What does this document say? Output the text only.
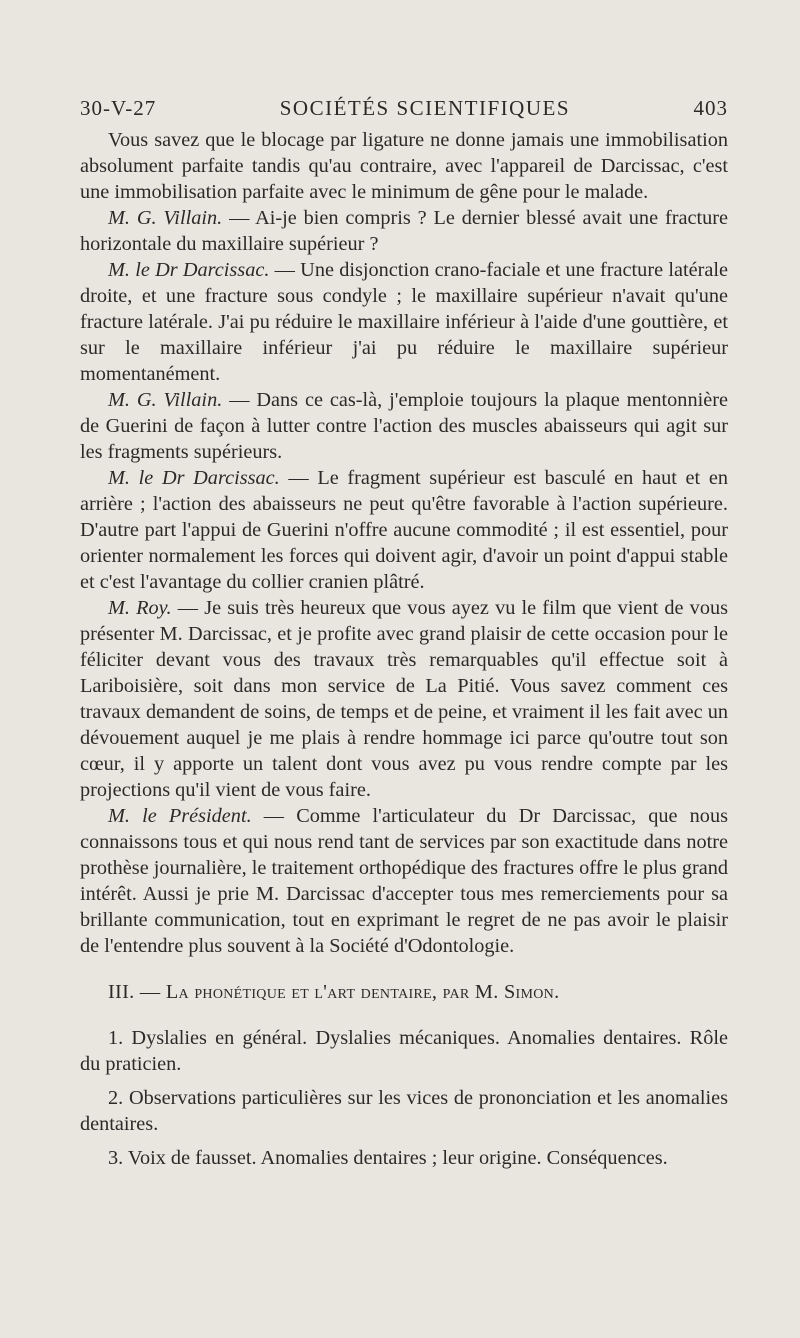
30-V-27	SOCIÉTÉS SCIENTIFIQUES	403

Vous savez que le blocage par ligature ne donne jamais une immobilisation absolument parfaite tandis qu'au contraire, avec l'appareil de Darcissac, c'est une immobilisation parfaite avec le minimum de gêne pour le malade.

M. G. Villain. — Ai-je bien compris ? Le dernier blessé avait une fracture horizontale du maxillaire supérieur ?

M. le Dr Darcissac. — Une disjonction crano-faciale et une fracture latérale droite, et une fracture sous condyle ; le maxillaire supérieur n'avait qu'une fracture latérale. J'ai pu réduire le maxillaire inférieur à l'aide d'une gouttière, et sur le maxillaire inférieur j'ai pu réduire le maxillaire supérieur momentanément.

M. G. Villain. — Dans ce cas-là, j'emploie toujours la plaque mentonnière de Guerini de façon à lutter contre l'action des muscles abaisseurs qui agit sur les fragments supérieurs.

M. le Dr Darcissac. — Le fragment supérieur est basculé en haut et en arrière ; l'action des abaisseurs ne peut qu'être favorable à l'action supérieure. D'autre part l'appui de Guerini n'offre aucune commodité ; il est essentiel, pour orienter normalement les forces qui doivent agir, d'avoir un point d'appui stable et c'est l'avantage du collier cranien plâtré.

M. Roy. — Je suis très heureux que vous ayez vu le film que vient de vous présenter M. Darcissac, et je profite avec grand plaisir de cette occasion pour le féliciter devant vous des travaux très remarquables qu'il effectue soit à Lariboisière, soit dans mon service de La Pitié. Vous savez comment ces travaux demandent de soins, de temps et de peine, et vraiment il les fait avec un dévouement auquel je me plais à rendre hommage ici parce qu'outre tout son cœur, il y apporte un talent dont vous avez pu vous rendre compte par les projections qu'il vient de vous faire.

M. le Président. — Comme l'articulateur du Dr Darcissac, que nous connaissons tous et qui nous rend tant de services par son exactitude dans notre prothèse journalière, le traitement orthopédique des fractures offre le plus grand intérêt. Aussi je prie M. Darcissac d'accepter tous mes remerciements pour sa brillante communication, tout en exprimant le regret de ne pas avoir le plaisir de l'entendre plus souvent à la Société d'Odontologie.

III. — La phonétique et l'art dentaire, par M. Simon.

1. Dyslalies en général. Dyslalies mécaniques. Anomalies dentaires. Rôle du praticien.

2. Observations particulières sur les vices de prononciation et les anomalies dentaires.

3. Voix de fausset. Anomalies dentaires ; leur origine. Conséquences.
